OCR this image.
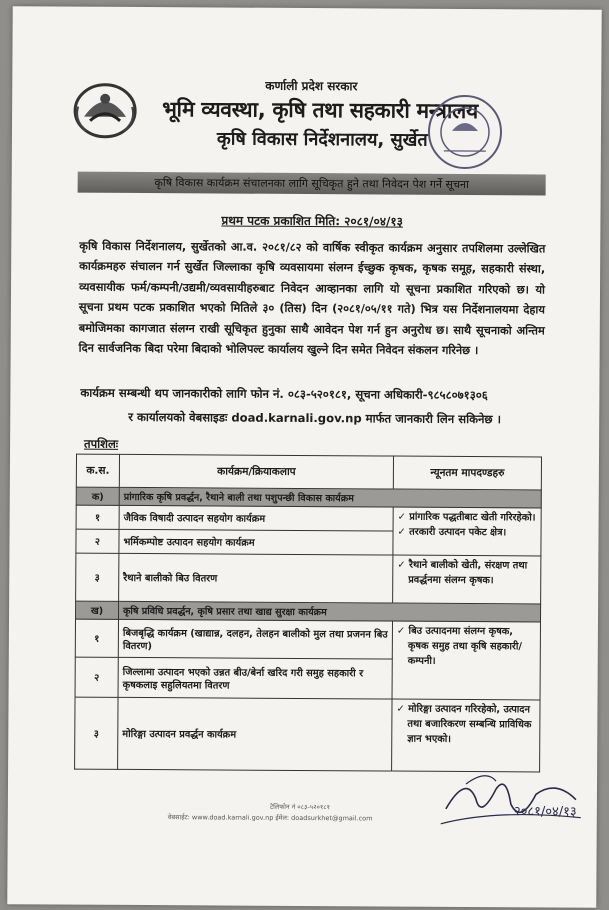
कर्णाली प्रदेश सरकार
भूमि व्यवस्था, कृषि तथा सहकारी मन्त्रालय
कृषि विकास निर्देशनालय, सुर्खेत
कृषि विकास कार्यक्रम संचालनका लागि सूचिकृत हुने तथा निवेदन पेश गर्ने सूचना
प्रथम पटक प्रकाशित मिति: २०८१/०४/१३
कृषि विकास निर्देशनालय, सुर्खेतको आ.व. २०८१/८२ को वार्षिक स्वीकृत कार्यक्रम अनुसार तपशिलमा उल्लेखित कार्यक्रमहरु संचालन गर्न सुर्खेत जिल्लाका कृषि व्यवसायमा संलग्न ईच्छुक कृषक, कृषक समूह, सहकारी संस्था, व्यवसायीक फर्म/कम्पनी/उद्यमी/व्यवसायीहरुबाट निवेदन आव्हानका लागि यो सूचना प्रकाशित गरिएको छ। यो सूचना प्रथम पटक प्रकाशित भएको मितिले ३० (तिस) दिन (२०८१/०५/११ गते) भित्र यस निर्देशनालयमा देहाय बमोजिमका कागजात संलग्न राखी सूचिकृत हुनुका साथै आवेदन पेश गर्न हुन अनुरोध छ। साथै सूचनाको अन्तिम दिन सार्वजनिक बिदा परेमा बिदाको भोलिपल्ट कार्यालय खुल्ने दिन समेत निवेदन संकलन गरिनेछ ।
कार्यक्रम सम्बन्धी थप जानकारीको लागि फोन नं. ०८३-५२०१८१, सूचना अधिकारी-९८५८०७१३०६
र कार्यालयको वेबसाइडः doad.karnali.gov.np मार्फत जानकारी लिन सकिनेछ ।
तपशिलः
क.स.	कार्यक्रम/क्रियाकलाप	न्यूनतम मापदण्डहरु
क)	प्रांगारिक कृषि प्रवर्द्धन, रैथाने बाली तथा पशुपन्छी विकास कार्यक्रम	
१	जैविक विषादी उत्पादन सहयोग कार्यक्रम	✓ प्रांगारिक पद्धतीबाट खेती गरिरहेको।
✓ तरकारी उत्पादन पकेट क्षेत्र।

२	भर्मिकम्पोष्ट उत्पादन सहयोग कार्यक्रम	
३	रैथाने बालीको बिउ वितरण	✓ रैथाने बालीको खेती, संरक्षण तथा प्रवर्द्धनमा संलग्न कृषक।

ख)	कृषि प्रविधि प्रवर्द्धन, कृषि प्रसार तथा खाद्य सुरक्षा कार्यक्रम	
१	बिजबृद्धि कार्यक्रम (खाद्यान्न, दलहन, तेलहन बालीको मुल तथा प्रजनन बिउ वितरण)	✓ बिउ उत्पादनमा संलग्न कृषक, कृषक समुह तथा कृषि सहकारी/कम्पनी।

२	जिल्लामा उत्पादन भएको उन्नत बीउ/बेर्ना खरिद गरी समुह सहकारी र कृषकलाइ सहुलियतमा वितरण	
३	मोरिङ्गा उत्पादन प्रवर्द्धन कार्यक्रम	✓ मोरिङ्गा उत्पादन गरिरहेको, उत्पादन तथा बजारिकरण सम्बन्धि प्राविधिक ज्ञान भएको।
टेलिफोन नं ०८३-५२०१८१
वेबसाईट: www.doad.karnali.gov.np ईमेल: doadsurkhet@gmail.com	२०८१/०४/१३
